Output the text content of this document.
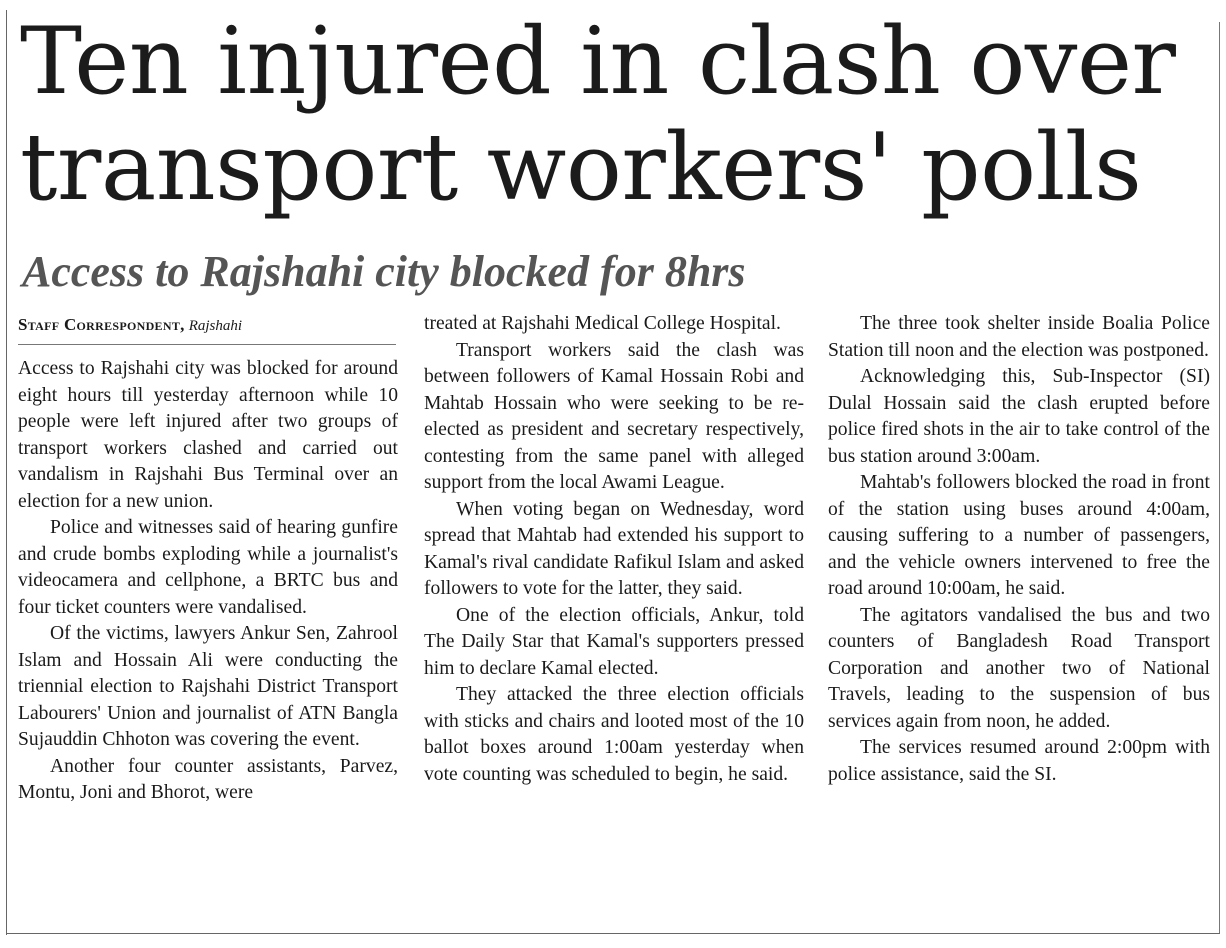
Ten injured in clash over
transport workers' polls
Access to Rajshahi city blocked for 8hrs
Staff Correspondent, Rajshahi

Access to Rajshahi city was blocked for around eight hours till yesterday afternoon while 10 people were left injured after two groups of transport workers clashed and carried out vandalism in Rajshahi Bus Terminal over an election for a new union.

Police and witnesses said of hearing gunfire and crude bombs exploding while a journalist's videocamera and cellphone, a BRTC bus and four ticket counters were vandalised.

Of the victims, lawyers Ankur Sen, Zahrool Islam and Hossain Ali were conducting the triennial election to Rajshahi District Transport Labourers' Union and journalist of ATN Bangla Sujauddin Chhoton was covering the event.

Another four counter assistants, Parvez, Montu, Joni and Bhorot, were

treated at Rajshahi Medical College Hospital.

Transport workers said the clash was between followers of Kamal Hossain Robi and Mahtab Hossain who were seeking to be re-elected as president and secretary respectively, contesting from the same panel with alleged support from the local Awami League.

When voting began on Wednesday, word spread that Mahtab had extended his support to Kamal's rival candidate Rafikul Islam and asked followers to vote for the latter, they said.

One of the election officials, Ankur, told The Daily Star that Kamal's supporters pressed him to declare Kamal elected.

They attacked the three election officials with sticks and chairs and looted most of the 10 ballot boxes around 1:00am yesterday when vote counting was scheduled to begin, he said.

The three took shelter inside Boalia Police Station till noon and the election was postponed.

Acknowledging this, Sub-Inspector (SI) Dulal Hossain said the clash erupted before police fired shots in the air to take control of the bus station around 3:00am.

Mahtab's followers blocked the road in front of the station using buses around 4:00am, causing suffering to a number of passengers, and the vehicle owners intervened to free the road around 10:00am, he said.

The agitators vandalised the bus and two counters of Bangladesh Road Transport Corporation and another two of National Travels, leading to the suspension of bus services again from noon, he added.

The services resumed around 2:00pm with police assistance, said the SI.
